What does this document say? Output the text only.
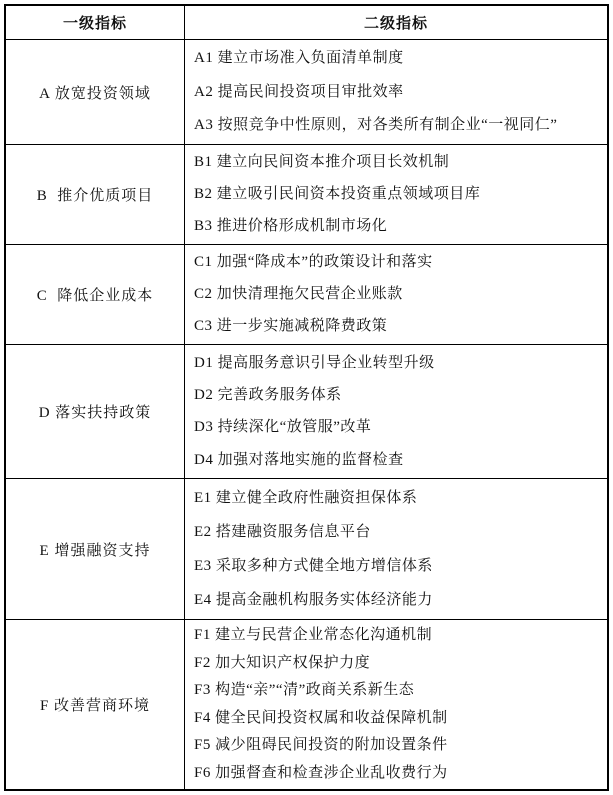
一级指标	二级指标
A 放宽投资领域
A1 建立市场准入负面清单制度
A2 提高民间投资项目审批效率
A3 按照竞争中性原则，对各类所有制企业“一视同仁”
B  推介优质项目
B1 建立向民间资本推介项目长效机制
B2 建立吸引民间资本投资重点领域项目库
B3 推进价格形成机制市场化
C  降低企业成本
C1 加强“降成本”的政策设计和落实
C2 加快清理拖欠民营企业账款
C3 进一步实施减税降费政策
D 落实扶持政策
D1 提高服务意识引导企业转型升级
D2 完善政务服务体系
D3 持续深化“放管服”改革
D4 加强对落地实施的监督检查
E 增强融资支持
E1 建立健全政府性融资担保体系
E2 搭建融资服务信息平台
E3 采取多种方式健全地方增信体系
E4 提高金融机构服务实体经济能力
F 改善营商环境
F1 建立与民营企业常态化沟通机制
F2 加大知识产权保护力度
F3 构造“亲”“清”政商关系新生态
F4 健全民间投资权属和收益保障机制
F5 减少阻碍民间投资的附加设置条件
F6 加强督查和检查涉企业乱收费行为
